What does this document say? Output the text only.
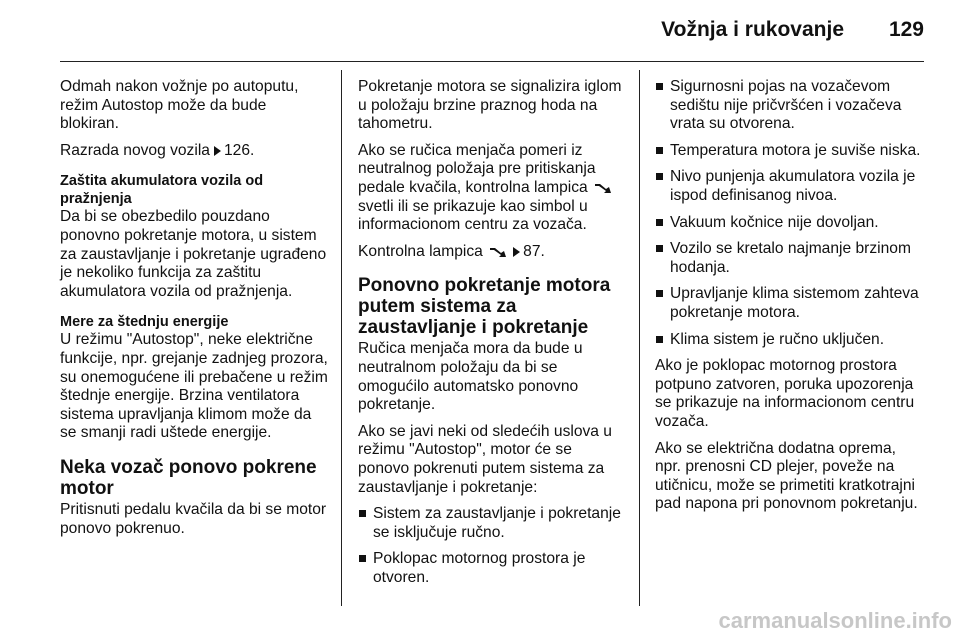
Vožnja i rukovanje 129

Odmah nakon vožnje po autoputu, režim Autostop može da bude blokiran.

Razrada novog vozila 126.

Zaštita akumulatora vozila od pražnjenja

Da bi se obezbedilo pouzdano ponovno pokretanje motora, u sistem za zaustavljanje i pokretanje ugrađeno je nekoliko funkcija za zaštitu akumulatora vozila od pražnjenja.

Mere za štednju energije

U režimu "Autostop", neke električne funkcije, npr. grejanje zadnjeg prozora, su onemogućene ili prebačene u režim štednje energije. Brzina ventilatora sistema upravljanja klimom može da se smanji radi uštede energije.

Neka vozač ponovo pokrene motor

Pritisnuti pedalu kvačila da bi se motor ponovo pokrenuo.

Pokretanje motora se signalizira iglom u položaju brzine praznog hoda na tahometru.

Ako se ručica menjača pomeri iz neutralnog položaja pre pritiskanja pedale kvačila, kontrolna lampica  svetli ili se prikazuje kao simbol u informacionom centru za vozača.

Kontrolna lampica	87.

Ponovno pokretanje motora putem sistema za zaustavljanje i pokretanje

Ručica menjača mora da bude u neutralnom položaju da bi se omogućilo automatsko ponovno pokretanje.

Ako se javi neki od sledećih uslova u režimu "Autostop", motor će se ponovo pokrenuti putem sistema za zaustavljanje i pokretanje:

Sistem za zaustavljanje i pokretanje se isključuje ručno.
Poklopac motornog prostora je otvoren.
Sigurnosni pojas na vozačevom sedištu nije pričvršćen i vozačeva vrata su otvorena.
Temperatura motora je suviše niska.
Nivo punjenja akumulatora vozila je ispod definisanog nivoa.
Vakuum kočnice nije dovoljan.
Vozilo se kretalo najmanje brzinom hodanja.
Upravljanje klima sistemom zahteva pokretanje motora.
Klima sistem je ručno uključen.

Ako je poklopac motornog prostora potpuno zatvoren, poruka upozorenja se prikazuje na informacionom centru vozača.

Ako se električna dodatna oprema, npr. prenosni CD plejer, poveže na utičnicu, može se primetiti kratkotrajni pad napona pri ponovnom pokretanju.

carmanualsonline.info
